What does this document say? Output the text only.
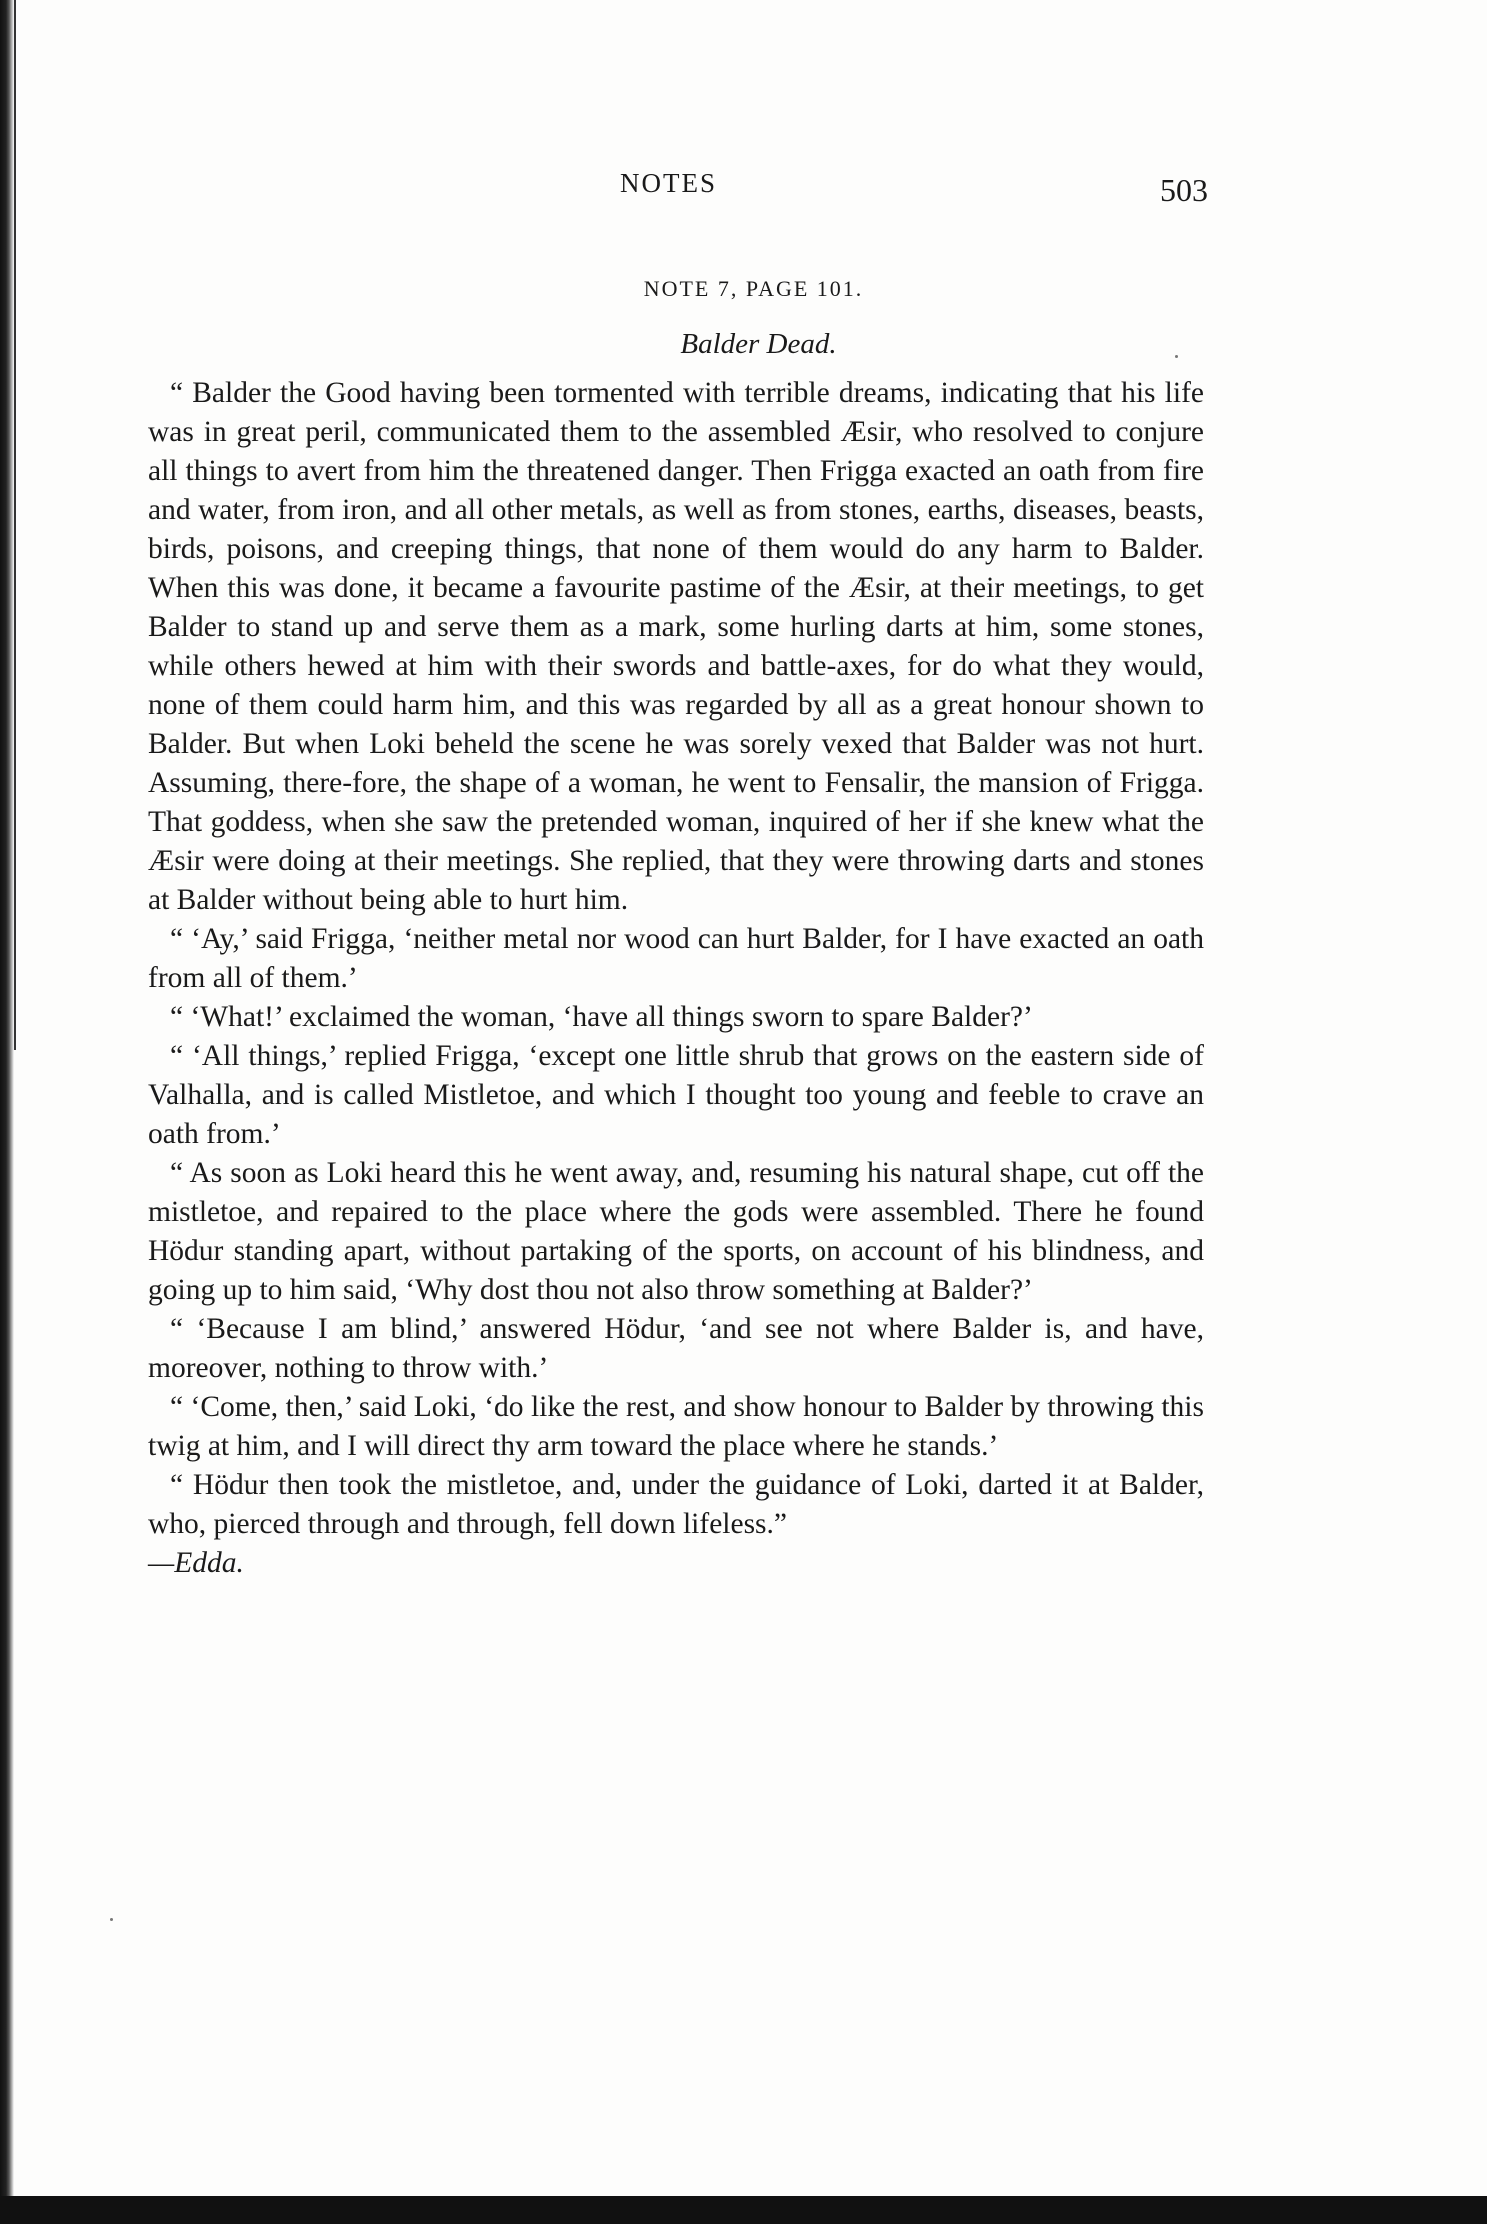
NOTES	503
NOTE 7, PAGE 101.
Balder Dead.

“ Balder the Good having been tormented with terrible dreams, indicating that his life was in great peril, communicated them to the assembled Æsir, who resolved to conjure all things to avert from him the threatened danger. Then Frigga exacted an oath from fire and water, from iron, and all other metals, as well as from stones, earths, diseases, beasts, birds, poisons, and creeping things, that none of them would do any harm to Balder. When this was done, it became a favourite pastime of the Æsir, at their meetings, to get Balder to stand up and serve them as a mark, some hurling darts at him, some stones, while others hewed at him with their swords and battle-axes, for do what they would, none of them could harm him, and this was regarded by all as a great honour shown to Balder. But when Loki beheld the scene he was sorely vexed that Balder was not hurt. Assuming, there-fore, the shape of a woman, he went to Fensalir, the mansion of Frigga. That goddess, when she saw the pretended woman, inquired of her if she knew what the Æsir were doing at their meetings. She replied, that they were throwing darts and stones at Balder without being able to hurt him.

“ ‘Ay,’ said Frigga, ‘neither metal nor wood can hurt Balder, for I have exacted an oath from all of them.’

“ ‘What!’ exclaimed the woman, ‘have all things sworn to spare Balder?’

“ ‘All things,’ replied Frigga, ‘except one little shrub that grows on the eastern side of Valhalla, and is called Mistletoe, and which I thought too young and feeble to crave an oath from.’

“ As soon as Loki heard this he went away, and, resuming his natural shape, cut off the mistletoe, and repaired to the place where the gods were assembled. There he found Hödur standing apart, without partaking of the sports, on account of his blindness, and going up to him said, ‘Why dost thou not also throw something at Balder?’

“ ‘Because I am blind,’ answered Hödur, ‘and see not where Balder is, and have, moreover, nothing to throw with.’

“ ‘Come, then,’ said Loki, ‘do like the rest, and show honour to Balder by throwing this twig at him, and I will direct thy arm toward the place where he stands.’

“ Hödur then took the mistletoe, and, under the guidance of Loki, darted it at Balder, who, pierced through and through, fell down lifeless.”

—Edda.
